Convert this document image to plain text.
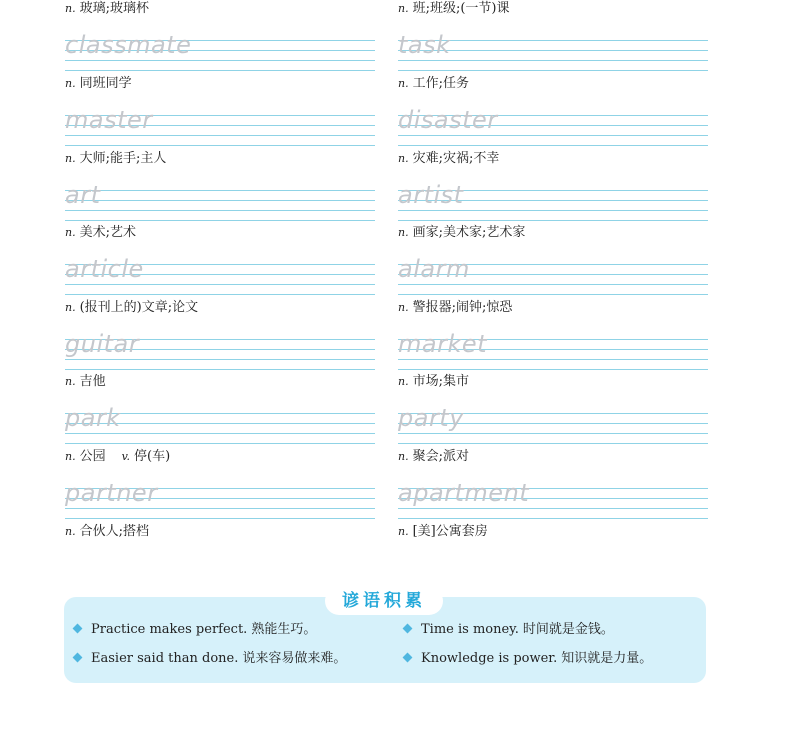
n. 玻璃;玻璃杯
classmate
n. 同班同学
master
n. 大师;能手;主人
art
n. 美术;艺术
article
n. (报刊上的)文章;论文
guitar
n. 吉他
park
n. 公园 v. 停(车)
partner
n. 合伙人;搭档
n. 班;班级;(一节)课
task
n. 工作;任务
disaster
n. 灾难;灾祸;不幸
artist
n. 画家;美术家;艺术家
alarm
n. 警报器;闹钟;惊恐
market
n. 市场;集市
party
n. 聚会;派对
apartment
n. [美]公寓套房
谚语积累
Practice makes perfect. 熟能生巧。	Time is money. 时间就是金钱。
Easier said than done. 说来容易做来难。	Knowledge is power. 知识就是力量。
